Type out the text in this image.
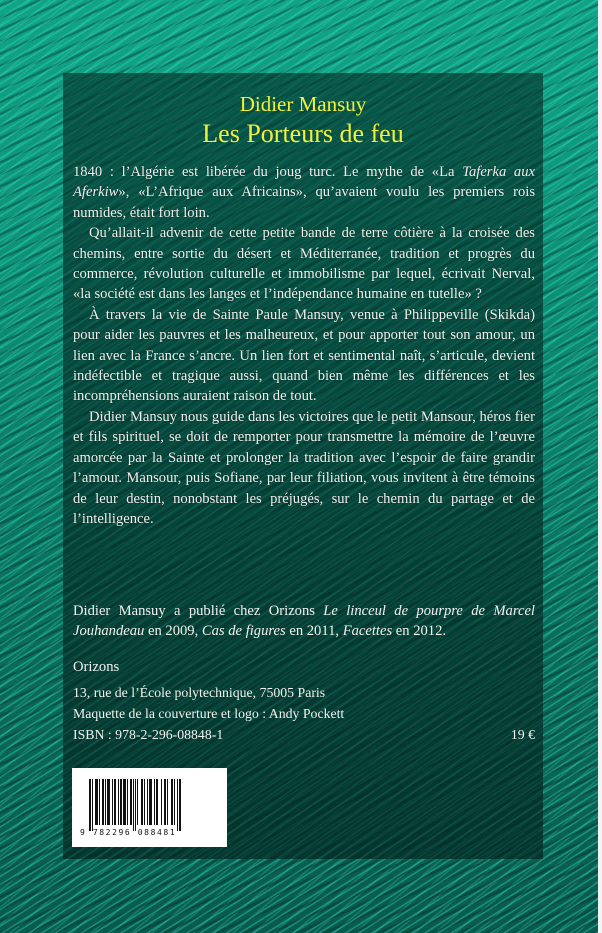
Didier Mansuy
Les Porteurs de feu

1840 : l’Algérie est libérée du joug turc. Le mythe de «La Taferka aux Aferkiw», «L’Afrique aux Africains», qu’avaient voulu les premiers rois numides, était fort loin.

Qu’allait-il advenir de cette petite bande de terre côtière à la croisée des chemins, entre sortie du désert et Méditerranée, tradition et progrès du commerce, révolution culturelle et immobilisme par lequel, écrivait Nerval, «la société est dans les langes et l’indépendance humaine en tutelle» ?

À travers la vie de Sainte Paule Mansuy, venue à Philippeville (Skikda) pour aider les pauvres et les malheureux, et pour apporter tout son amour, un lien avec la France s’ancre. Un lien fort et sentimental naît, s’articule, devient indéfectible et tragique aussi, quand bien même les différences et les incompréhensions auraient raison de tout.

Didier Mansuy nous guide dans les victoires que le petit Mansour, héros fier et fils spirituel, se doit de remporter pour transmettre la mémoire de l’œuvre amorcée par la Sainte et prolonger la tradition avec l’espoir de faire grandir l’amour. Mansour, puis Sofiane, par leur filiation, vous invitent à être témoins de leur destin, nonobstant les préjugés, sur le chemin du partage et de l’intelligence.

Didier Mansuy a publié chez Orizons Le linceul de pourpre de Marcel Jouhandeau en 2009, Cas de figures en 2011, Facettes en 2012.
Orizons
13, rue de l’École polytechnique, 75005 Paris
Maquette de la couverture et logo : Andy Pockett
ISBN : 978-2-296-08848-1	19 €
9 782296 088481
